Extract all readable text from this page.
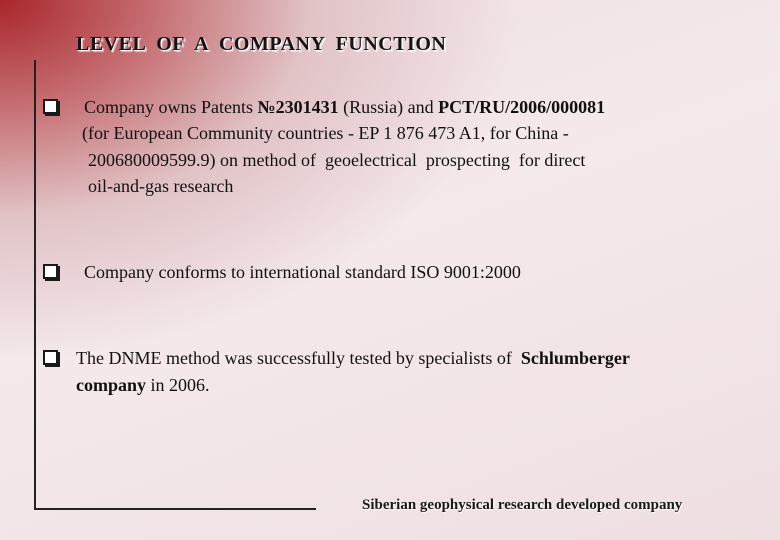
LEVEL  OF  A  COMPANY  FUNCTION
Company owns Patents №2301431 (Russia) and PCT/RU/2006/000081
(for European Community countries - EP 1 876 473 A1, for China -
200680009599.9) on method of  geoelectrical  prospecting  for direct
oil-and-gas research
Company conforms to international standard ISO 9001:2000
The DNME method was successfully tested by specialists of  Schlumberger
company in 2006.
Siberian geophysical research developed company
